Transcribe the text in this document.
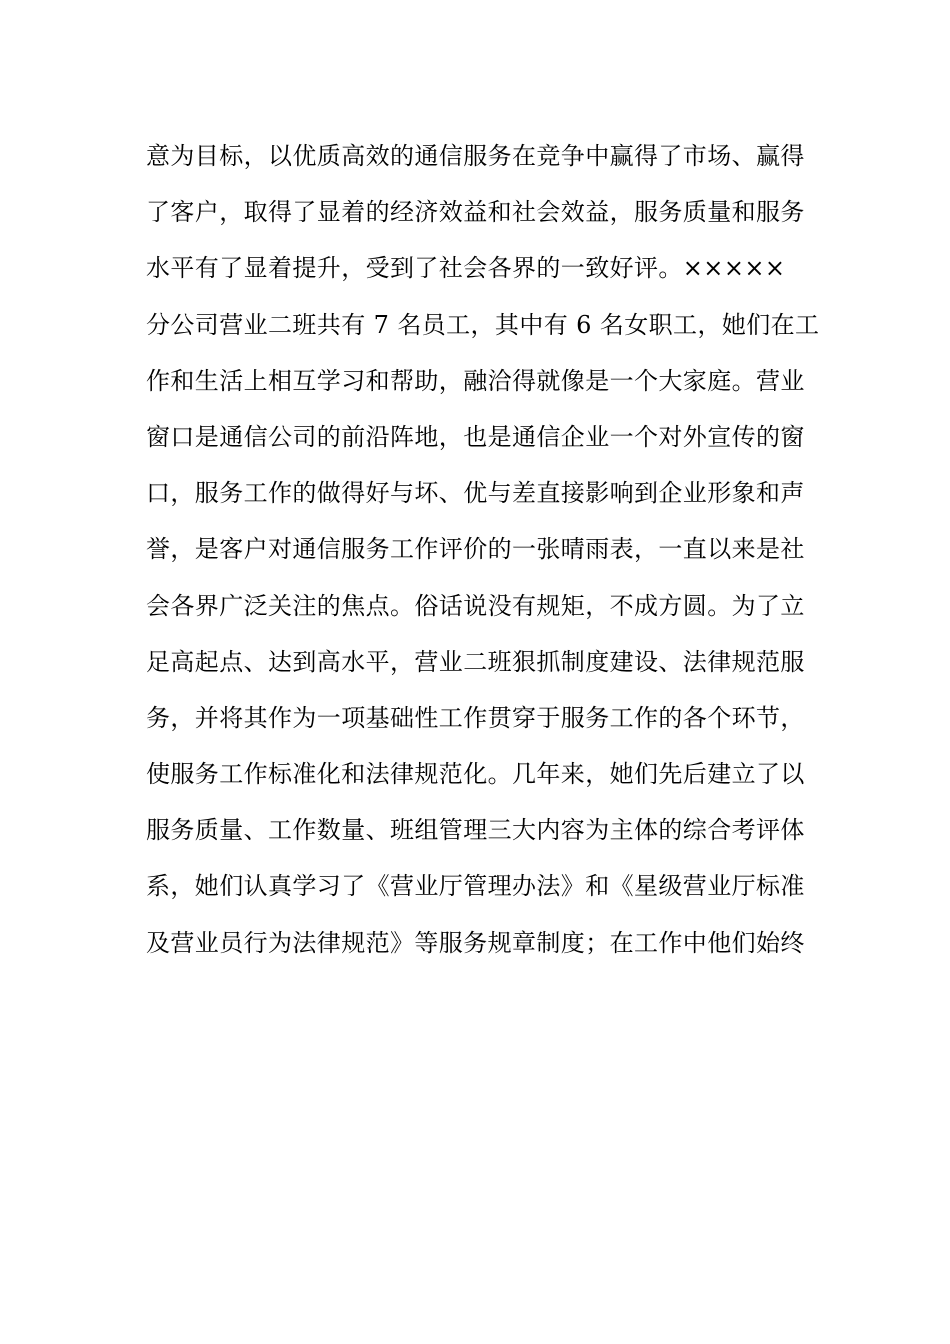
意为目标，以优质高效的通信服务在竞争中赢得了市场、赢得
了客户，取得了显着的经济效益和社会效益，服务质量和服务
水平有了显着提升，受到了社会各界的一致好评。×××××
分公司营业二班共有 7 名员工，其中有 6 名女职工，她们在工
作和生活上相互学习和帮助，融洽得就像是一个大家庭。营业
窗口是通信公司的前沿阵地，也是通信企业一个对外宣传的窗
口，服务工作的做得好与坏、优与差直接影响到企业形象和声
誉，是客户对通信服务工作评价的一张晴雨表，一直以来是社
会各界广泛关注的焦点。俗话说没有规矩，不成方圆。为了立
足高起点、达到高水平，营业二班狠抓制度建设、法律规范服
务，并将其作为一项基础性工作贯穿于服务工作的各个环节，
使服务工作标准化和法律规范化。几年来，她们先后建立了以
服务质量、工作数量、班组管理三大内容为主体的综合考评体
系，她们认真学习了《营业厅管理办法》和《星级营业厅标准
及营业员行为法律规范》等服务规章制度；在工作中他们始终
